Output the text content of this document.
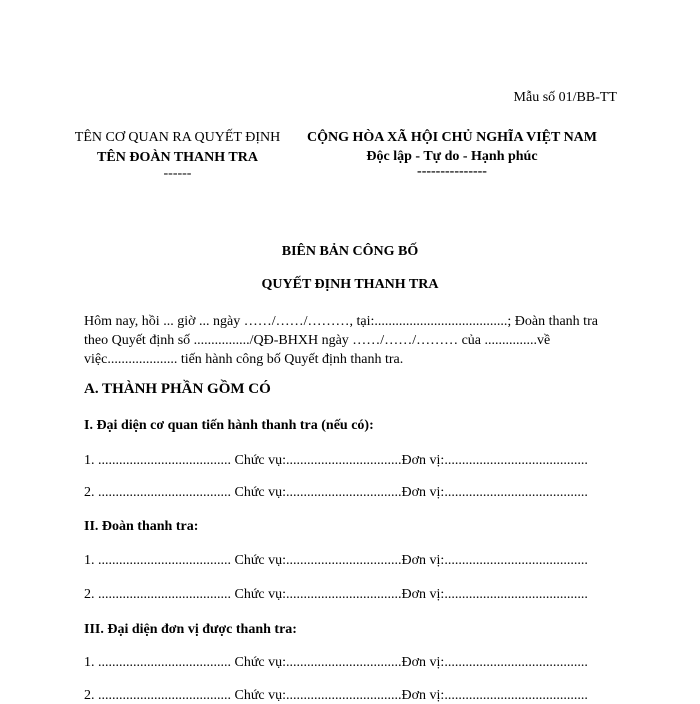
Mẫu số 01/BB-TT
TÊN CƠ QUAN RA QUYẾT ĐỊNH
TÊN ĐOÀN THANH TRA
------
CỘNG HÒA XÃ HỘI CHỦ NGHĨA VIỆT NAM
Độc lập - Tự do - Hạnh phúc
---------------
BIÊN BẢN CÔNG BỐ
QUYẾT ĐỊNH THANH TRA
Hôm nay, hồi ... giờ ... ngày ……/……/………, tại:......................................; Đoàn thanh tra theo Quyết định số ................/QĐ-BHXH ngày ……/……/……… của ...............về việc.................... tiến hành công bố Quyết định thanh tra.
A. THÀNH PHẦN GỒM CÓ
I. Đại diện cơ quan tiến hành thanh tra (nếu có):
1. ...................................... Chức vụ:.................................Đơn vị:.........................................
2. ...................................... Chức vụ:.................................Đơn vị:.........................................
II. Đoàn thanh tra:
1. ...................................... Chức vụ:.................................Đơn vị:.........................................
2. ...................................... Chức vụ:.................................Đơn vị:.........................................
III. Đại diện đơn vị được thanh tra:
1. ...................................... Chức vụ:.................................Đơn vị:.........................................
2. ...................................... Chức vụ:.................................Đơn vị:.........................................
